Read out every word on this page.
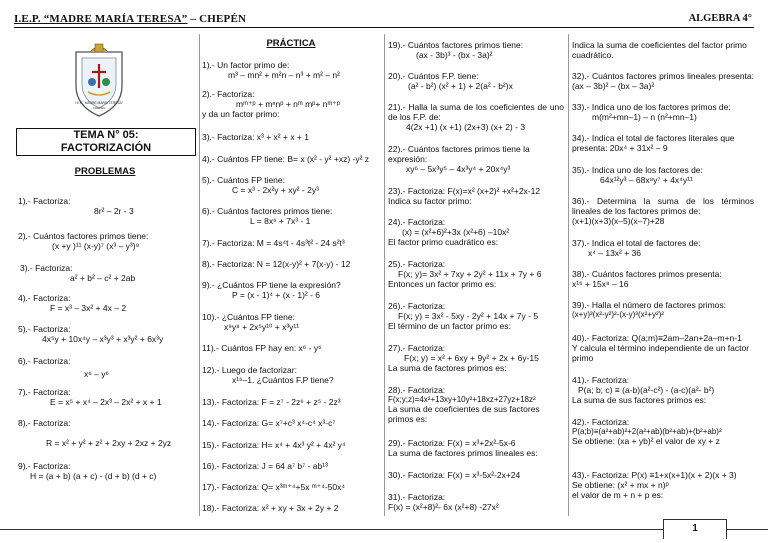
I.E.P. “MADRE MARÍA TERESA” – CHEPÉN	ALGEBRA 4°
I.E.P. "MADRE MARIA TERESA"
CHEPÉN
TEMA N° 05:
FACTORIZACIÓN
PROBLEMAS
PRÁCTICA

1).- Factoriza:
8r² – 2r - 3

2).- Cuántos factores primos tiene:
(x +y )¹¹ (x-y)⁷ (x³ – y³)⁹

3).- Factoriza:
a² + b² – c² + 2ab

4).- Factoriza:
F = x³ – 3x² + 4x – 2

5).- Factoriza:
4x⁵y + 10x⁴y – x³y³ + x³y² + 6x³y

6).- Factoriza:
x⁶ – y⁶

7).- Factoriza:
E = x⁵ + x⁴ – 2x³ – 2x² + x + 1

8).- Factoriza:
R = x² + y² + z² + 2xy + 2xz + 2yz

9).- Factoriza:
H = (a + b) (a + c) - (d + b) (d + c)

1).- Un factor primo de:
m³ – mn² + m²n – n³ + m² – n²
2).- Factoriza:
mᵐ⁺ᵖ + mⁿnᵖ + nᵐ mᵖ+ nᵐ⁺ᵖ
y da un factor primo:
3).- Factoriza: x³ + x² + x + 1
4).- Cuántos FP tiene: B= x (x² - y² +xz) -y² z
5).- Cuántos FP tiene:
C = x³ - 2x²y + xy² - 2y³
6).- Cuántos factores primos tiene:
L = 8x⁶ + 7x³ - 1
7).- Factoriza: M = 4s⁴t - 4s³t² - 24 s²t³
8).- Factoriza: N = 12(x-y)² + 7(x-y) - 12
9).- ¿Cuántos FP tiene la expresión?
P = (x - 1)⁴ + (x - 1)² - 6
10).- ¿Cuántos FP tiene:
x⁹y⁸ + 2x⁵y¹⁰ + x³y¹¹
11).- Cuántos FP hay en: x⁶ - y⁶
12).- Luego de factorizar:
x¹⁶–1. ¿Cuántos F.P tiene?
13).- Factoriza: F = z⁷ - 2z⁶ + z⁵ - 2z³
14).- Factoriza: G= x⁷+c³ x⁴-c⁴ x³-c⁷
15).- Factoriza: H= x⁴ + 4x³ y² + 4x² y⁴
16).- Factoriza: J = 64 a⁷ b⁷ - ab¹³
17).- Factoriza: Q= x³ᵐ⁺⁴+5x ᵐ⁺⁴-50x⁴
18).- Factoriza: x² + xy + 3x + 2y + 2
19).- Cuántos factores primos tiene:
(ax - 3b)³ - (bx - 3a)²
20).- Cuántos F.P. tiene:
(a² - b²) (x² + 1) + 2(a² - b²)x
21).- Halla la suma de los coeficientes de uno de los F.P. de:
4(2x +1) (x +1) (2x+3) (x+ 2) - 3
22).- Cuántos factores primos tiene la expresión:
xy⁶ – 5x³y⁵ – 4x³y⁴ + 20x⁴y³
23).- Factoriza: F(x)=x² (x+2)² +x²+2x-12
Indica su factor primo:
24).- Factoriza:
(x) = (x²+6)²+3x (x²+6) –10x²
El factor primo cuadrático es:
25).- Factoriza:
F(x; y)= 3x² + 7xy + 2y² + 11x + 7y + 6
Entonces un factor primo es:
26).- Factoriza:
F(x; y) = 3x² - 5xy - 2y² + 14x + 7y - 5
El término de un factor primo es:
27).- Factoriza:
F(x; y) = x² + 6xy + 9y² + 2x + 6y-15
La suma de factores primos es:
28).- Factoriza:
F(x;y;z)=4x²+13xy+10y²+18xz+27yz+18z²
La suma de coeficientes de sus factores primos es:
29).- Factoriza: F(x) = x³+2x²-5x-6
La suma de factores primos lineales es:
30).- Factoriza: F(x) = x³-5x²-2x+24
31).- Factoriza:
F(x) = (x²+8)²- 6x (x²+8) -27x²
Indica la suma de coeficientes del factor primo cuadrático.
32).- Cuántos factores primos lineales presenta: (ax – 3b)² – (bx – 3a)²
33).- Indica uno de los factores primos de:
m(m²+mn–1) – n (n²+mn–1)
34).- Indica el total de factores literales que presenta: 20x⁴ + 31x² – 9
35).- Indica uno de los factores de:
64x¹²y³ – 68x⁸y⁷ + 4x⁴y¹¹
36).- Determina la suma de los términos lineales de los factores primos de:
(x+1)(x+3)(x–5)(x–7)+28
37).- Indica el total de factores de:
x⁴ – 13x² + 36
38).- Cuántos factores primos presenta:
x¹⁶ + 15x⁸ – 16
39).- Halla el número de factores primos:
(x+y)³(x²-y²)²-(x-y)³(x²+y²)²
40).- Factoriza: Q(a;m)≡2am–2an+2a–m+n-1
Y calcula el término independiente de un factor primo
41).- Factoriza:
P(a; b; c) ≡ (a-b)(a²-c²) - (a-c)(a²- b²)
La suma de sus factores primos es:
42).- Factoriza:
P(a;b)≡(a²+ab)²+2(a²+ab)(b²+ab)+(b²+ab)²
Se obtiene: (xa + yb)² el valor de xy + z
43).- Factoriza: P(x) ≡1+x(x+1)(x + 2)(x + 3)
Se obtiene: (x² + mx + n)ᵖ
el valor de m + n + p es:
1
